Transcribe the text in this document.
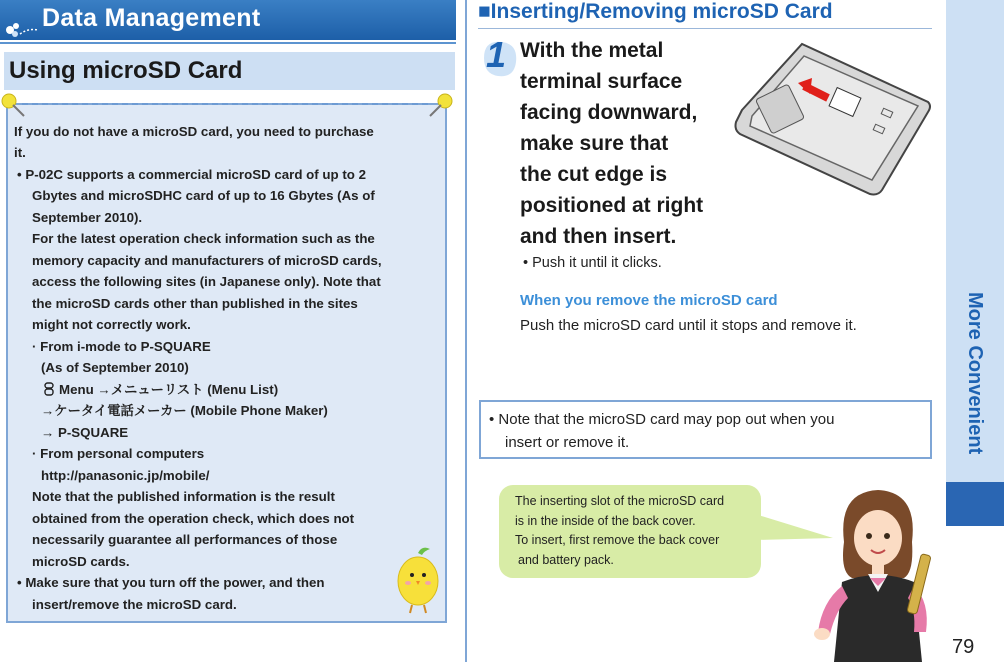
Data Management
Using microSD Card
If you do not have a microSD card, you need to purchase
it.
• P-02C supports a commercial microSD card of up to 2
Gbytes and microSDHC card of up to 16 Gbytes (As of
September 2010).
For the latest operation check information such as the
memory capacity and manufacturers of microSD cards,
access the following sites (in Japanese only). Note that
the microSD cards other than published in the sites
might not correctly work.
· From i-mode to P-SQUARE
(As of September 2010)
Menu →メニューリスト (Menu List)
→ケータイ電話メーカー (Mobile Phone Maker)
→ P-SQUARE
· From personal computers
http://panasonic.jp/mobile/
Note that the published information is the result
obtained from the operation check, which does not
necessarily guarantee all performances of those
microSD cards.
• Make sure that you turn off the power, and then
insert/remove the microSD card.
■Inserting/Removing microSD Card
1 With the metal
terminal surface
facing downward,
make sure that
the cut edge is
positioned at right
and then insert.
• Push it until it clicks.
When you remove the microSD card
Push the microSD card until it stops and remove it.
• Note that the microSD card may pop out when you
insert or remove it.
The inserting slot of the microSD card
is in the inside of the back cover.
To insert, first remove the back cover
and battery pack.
More Convenient
79
